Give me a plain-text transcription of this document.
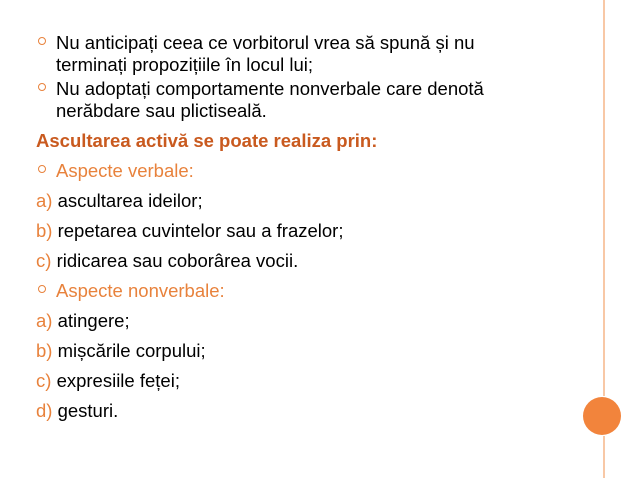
Nu anticipați ceea ce vorbitorul vrea să spună și nu
terminați propozițiile în locul lui;
Nu adoptați comportamente nonverbale care denotă
nerăbdare sau plictiseală.
Ascultarea activă se poate realiza prin:
Aspecte verbale:
a) ascultarea ideilor;
b) repetarea cuvintelor sau a frazelor;
c) ridicarea sau coborârea vocii.
Aspecte nonverbale:
a) atingere;
b) mișcările corpului;
c) expresiile feței;
d) gesturi.
